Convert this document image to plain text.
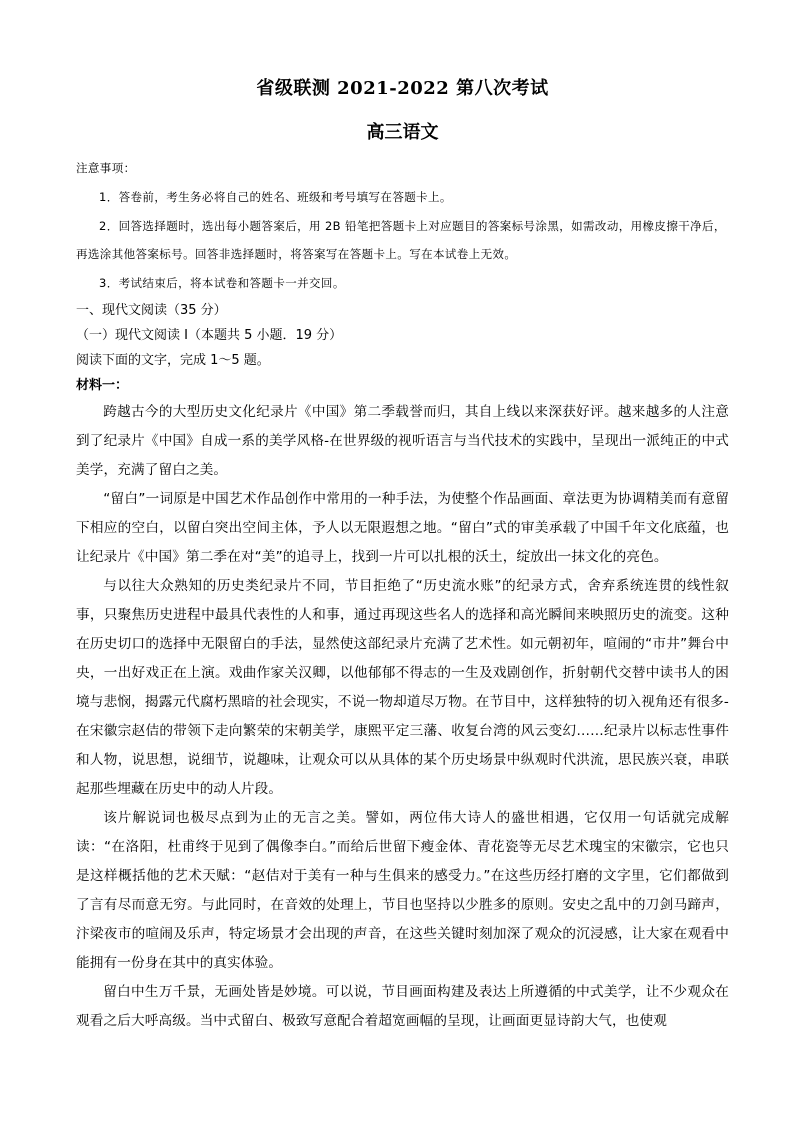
省级联测 2021-2022 第八次考试
高三语文

注意事项：

1．答卷前，考生务必将自己的姓名、班级和考号填写在答题卡上。

2．回答选择题时，选出每小题答案后，用 2B 铅笔把答题卡上对应题目的答案标号涂黑，如需改动，用橡皮擦干净后，再选涂其他答案标号。回答非选择题时，将答案写在答题卡上。写在本试卷上无效。

3．考试结束后，将本试卷和答题卡一并交回。

一、现代文阅读（35 分）

（一）现代文阅读 I（本题共 5 小题．19 分）

阅读下面的文字，完成 1～5 题。

材料一：

跨越古今的大型历史文化纪录片《中国》第二季载誉而归，其自上线以来深获好评。越来越多的人注意到了纪录片《中国》自成一系的美学风格-在世界级的视听语言与当代技术的实践中，呈现出一派纯正的中式美学，充满了留白之美。

“留白”一词原是中国艺术作品创作中常用的一种手法，为使整个作品画面、章法更为协调精美而有意留下相应的空白，以留白突出空间主体，予人以无限遐想之地。“留白”式的审美承载了中国千年文化底蕴，也让纪录片《中国》第二季在对“美”的追寻上，找到一片可以扎根的沃土，绽放出一抹文化的亮色。

与以往大众熟知的历史类纪录片不同，节目拒绝了“历史流水账”的纪录方式，舍弃系统连贯的线性叙事，只聚焦历史进程中最具代表性的人和事，通过再现这些名人的选择和高光瞬间来映照历史的流变。这种在历史切口的选择中无限留白的手法，显然使这部纪录片充满了艺术性。如元朝初年，喧闹的“市井”舞台中央，一出好戏正在上演。戏曲作家关汉卿，以他郁郁不得志的一生及戏剧创作，折射朝代交替中读书人的困境与悲悯，揭露元代腐朽黑暗的社会现实，不说一物却道尽万物。在节目中，这样独特的切入视角还有很多-在宋徽宗赵佶的带领下走向繁荣的宋朝美学，康熙平定三藩、收复台湾的风云变幻……纪录片以标志性事件和人物，说思想，说细节，说趣味，让观众可以从具体的某个历史场景中纵观时代洪流，思民族兴衰，串联起那些埋藏在历史中的动人片段。

该片解说词也极尽点到为止的无言之美。譬如，两位伟大诗人的盛世相遇，它仅用一句话就完成解读：“在洛阳，杜甫终于见到了偶像李白。”而给后世留下瘦金体、青花瓷等无尽艺术瑰宝的宋徽宗，它也只是这样概括他的艺术天赋：“赵佶对于美有一种与生俱来的感受力。”在这些历经打磨的文字里，它们都做到了言有尽而意无穷。与此同时，在音效的处理上，节目也坚持以少胜多的原则。安史之乱中的刀剑马蹄声，汴梁夜市的喧闹及乐声，特定场景才会出现的声音，在这些关键时刻加深了观众的沉浸感，让大家在观看中能拥有一份身在其中的真实体验。

留白中生万千景，无画处皆是妙境。可以说，节目画面构建及表达上所遵循的中式美学，让不少观众在观看之后大呼高级。当中式留白、极致写意配合着超宽画幅的呈现，让画面更显诗韵大气，也使观
